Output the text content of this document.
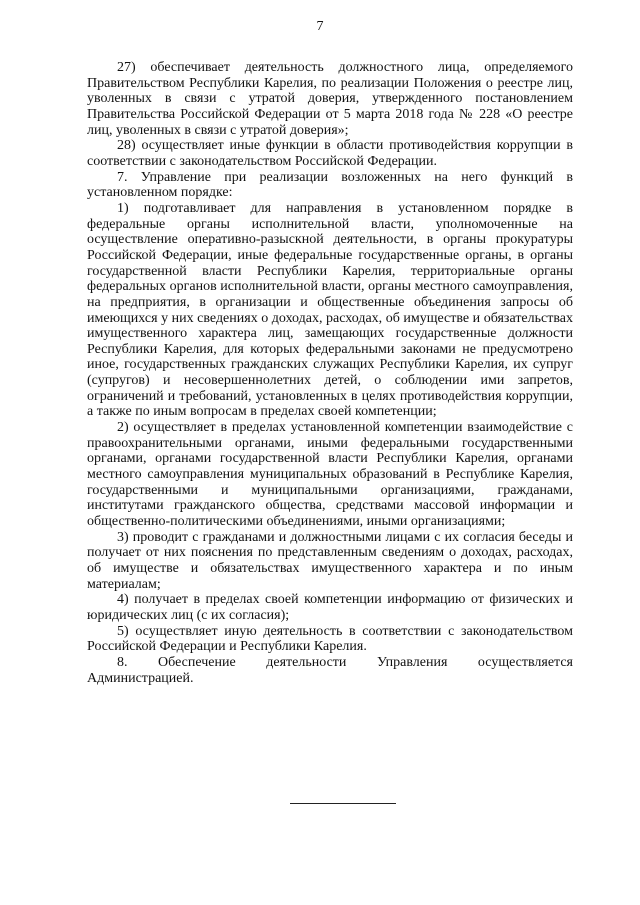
7

27) обеспечивает деятельность должностного лица, определяемого Правительством Республики Карелия, по реализации Положения о реестре лиц, уволенных в связи с утратой доверия, утвержденного постановлением Правительства Российской Федерации от 5 марта 2018 года № 228 «О реестре лиц, уволенных в связи с утратой доверия»;

28) осуществляет иные функции в области противодействия коррупции в соответствии с законодательством Российской Федерации.

7. Управление при реализации возложенных на него функций в установленном порядке:

1) подготавливает для направления в установленном порядке в федеральные органы исполнительной власти, уполномоченные на осуществление оперативно-разыскной деятельности, в органы прокуратуры Российской Федерации, иные федеральные государственные органы, в органы государственной власти Республики Карелия, территориальные органы федеральных органов исполнительной власти, органы местного самоуправления, на предприятия, в организации и общественные объединения запросы об имеющихся у них сведениях о доходах, расходах, об имуществе и обязательствах имущественного характера лиц, замещающих государственные должности Республики Карелия, для которых федеральными законами не предусмотрено иное, государственных гражданских служащих Республики Карелия, их супруг (супругов) и несовершеннолетних детей, о соблюдении ими запретов, ограничений и требований, установленных в целях противодействия коррупции, а также по иным вопросам в пределах своей компетенции;

2) осуществляет в пределах установленной компетенции взаимодействие с правоохранительными органами, иными федеральными государственными органами, органами государственной власти Республики Карелия, органами местного самоуправления муниципальных образований в Республике Карелия, государственными и муниципальными организациями, гражданами, институтами гражданского общества, средствами массовой информации и общественно-политическими объединениями, иными организациями;

3) проводит с гражданами и должностными лицами с их согласия беседы и получает от них пояснения по представленным сведениям о доходах, расходах, об имуществе и обязательствах имущественного характера и по иным материалам;

4) получает в пределах своей компетенции информацию от физических и юридических лиц (с их согласия);

5) осуществляет иную деятельность в соответствии с законодательством Российской Федерации и Республики Карелия.

8. Обеспечение деятельности Управления осуществляется Администрацией.
